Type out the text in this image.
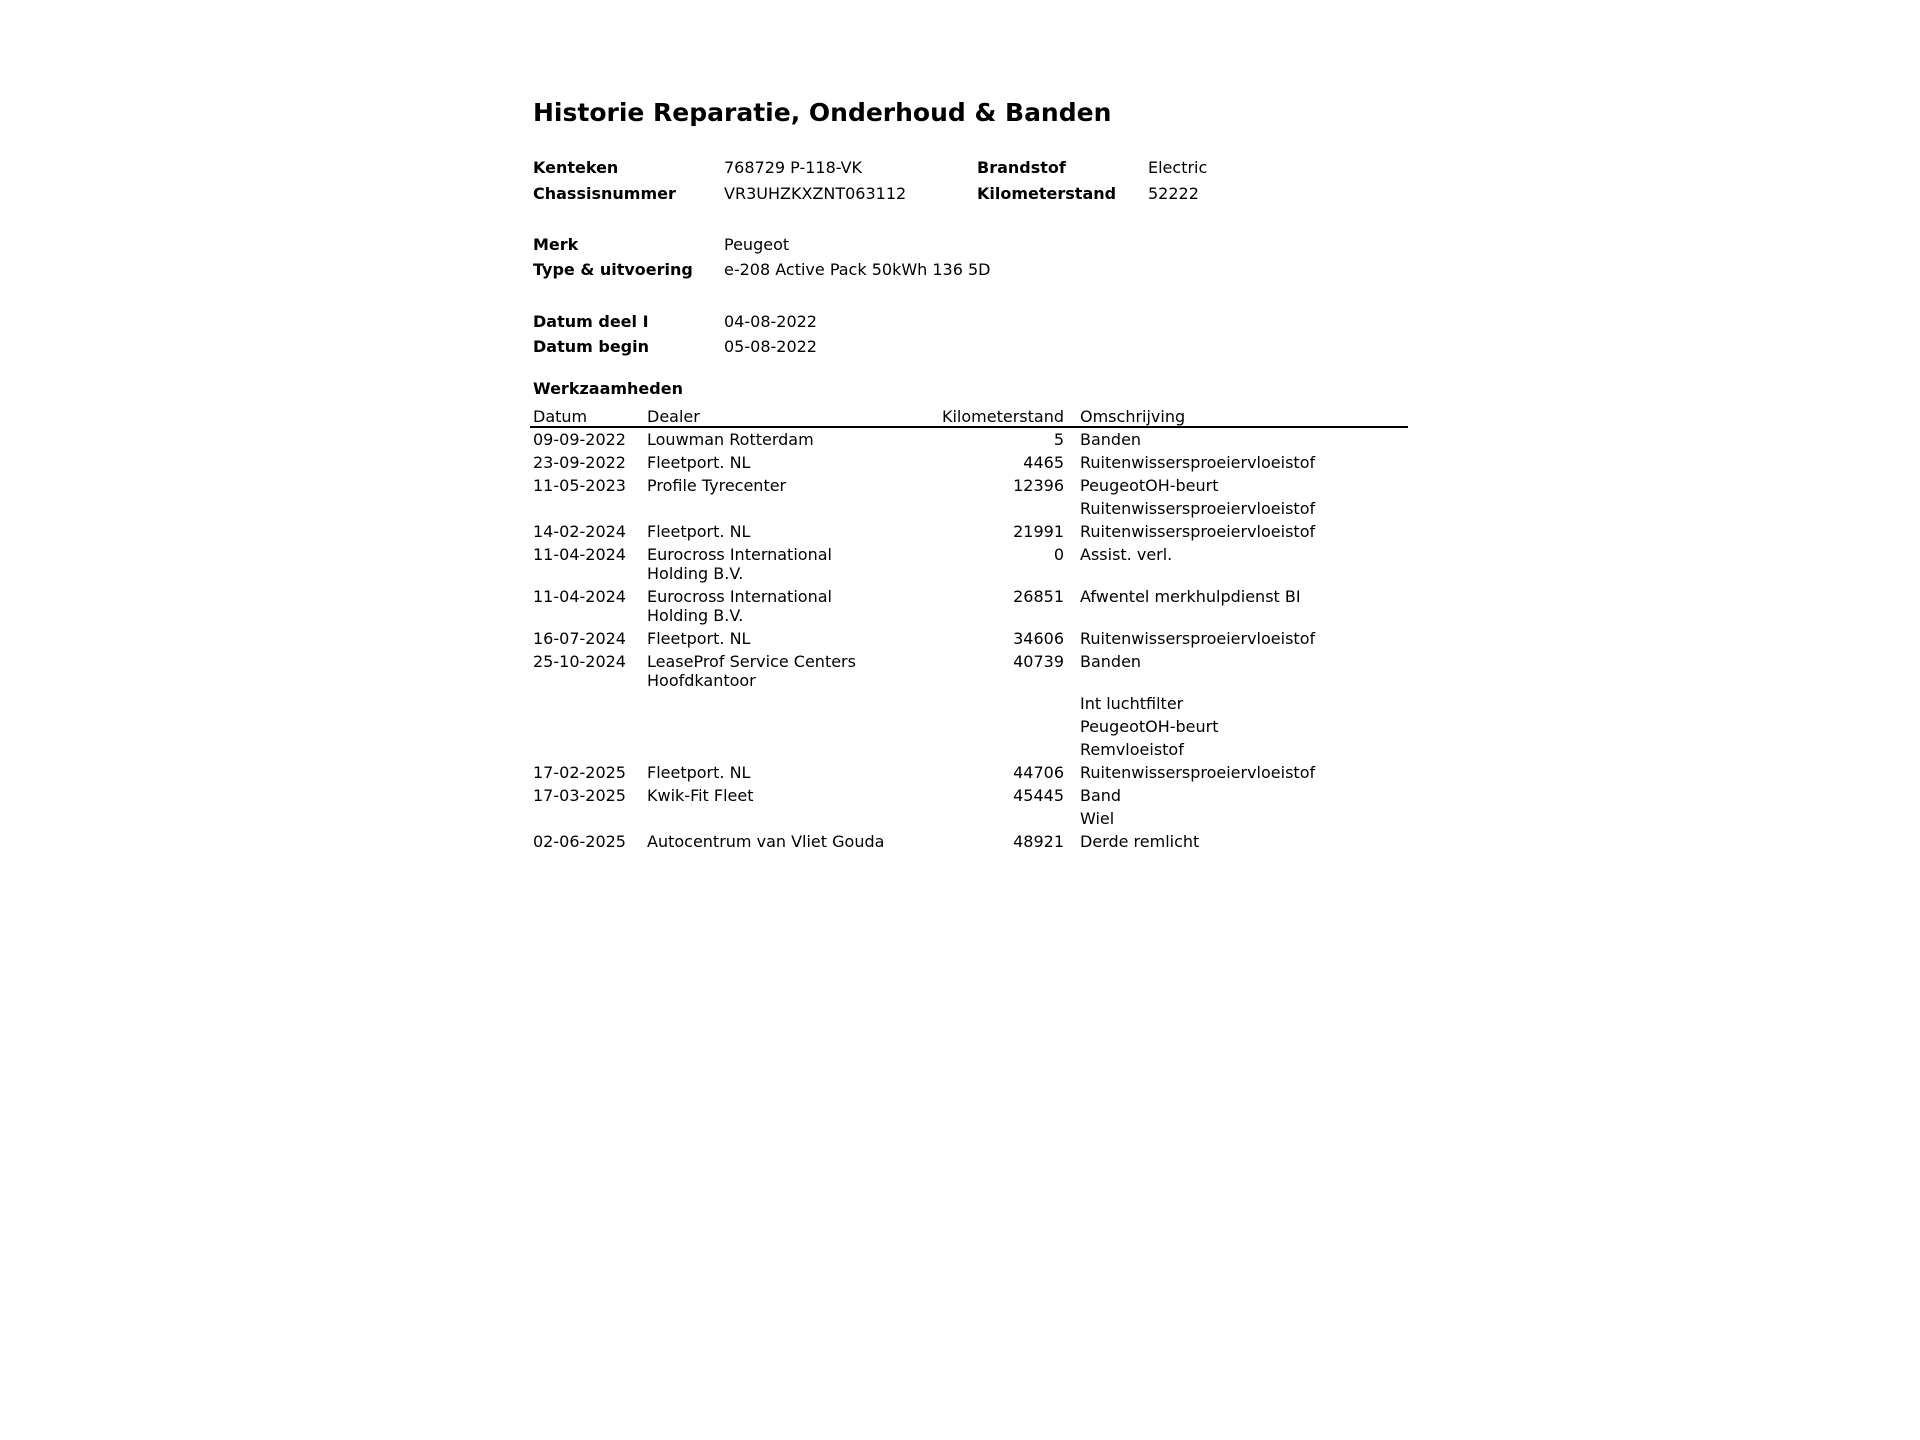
Historie Reparatie, Onderhoud & Banden
Kenteken	768729 P-118-VK	Brandstof	Electric
Chassisnummer	VR3UHZKXZNT063112	Kilometerstand 52222
Merk	Peugeot
Type & uitvoering e-208 Active Pack 50kWh 136 5D
Datum deel I	04-08-2022
Datum begin	05-08-2022
Werkzaamheden
Datum	Dealer	Kilometerstand	Omschrijving
09-09-2022	Louwman Rotterdam	5	Banden
23-09-2022	Fleetport. NL	4465	Ruitenwissersproeiervloeistof
11-05-2023	Profile Tyrecenter	12396	PeugeotOH-beurt
			Ruitenwissersproeiervloeistof
14-02-2024	Fleetport. NL	21991	Ruitenwissersproeiervloeistof
11-04-2024	Eurocross International Holding B.V.	0	Assist. verl.
11-04-2024	Eurocross International Holding B.V.	26851	Afwentel merkhulpdienst BI
16-07-2024	Fleetport. NL	34606	Ruitenwissersproeiervloeistof
25-10-2024	LeaseProf Service Centers Hoofdkantoor	40739	Banden
			Int luchtfilter
			PeugeotOH-beurt
			Remvloeistof
17-02-2025	Fleetport. NL	44706	Ruitenwissersproeiervloeistof
17-03-2025	Kwik-Fit Fleet	45445	Band
			Wiel
02-06-2025	Autocentrum van Vliet Gouda	48921	Derde remlicht
